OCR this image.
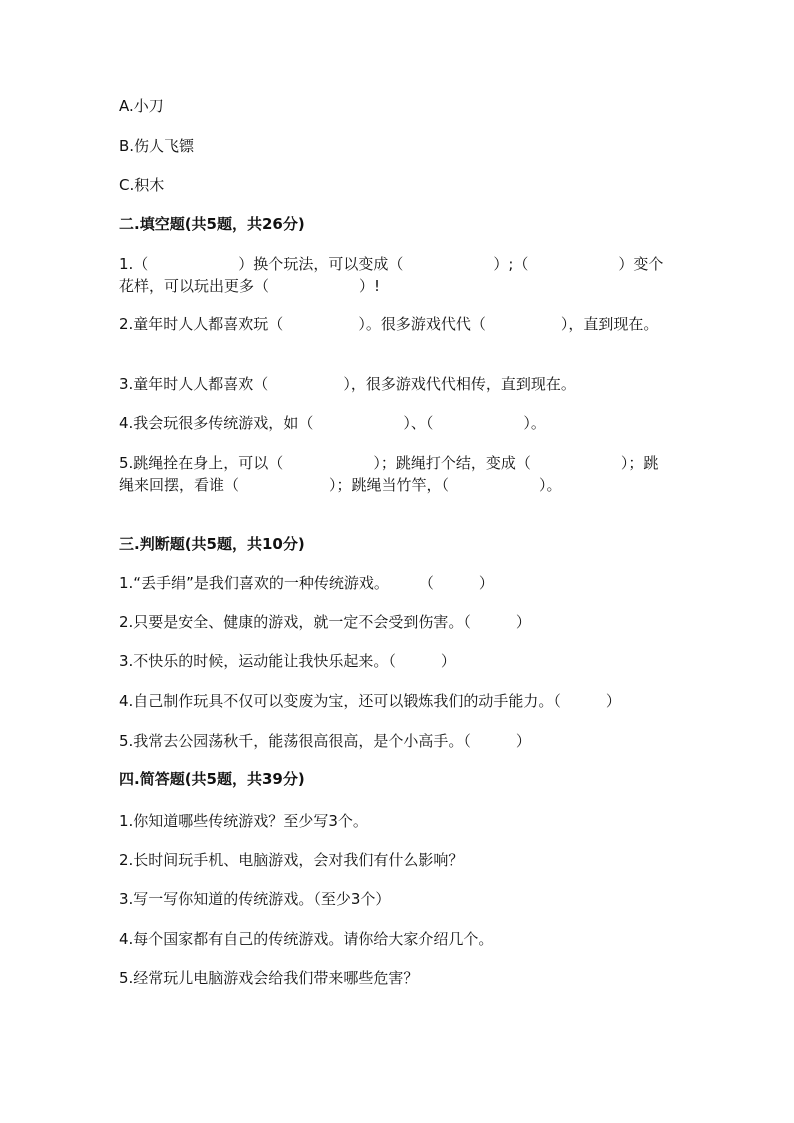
A.小刀
B.伤人飞镖
C.积木
二.填空题(共5题，共26分)
1.（　　　　　　）换个玩法，可以变成（　　　　　　）;（　　　　　　）变个花样，可以玩出更多（　　　　　　）!
2.童年时人人都喜欢玩（　　　　　）。很多游戏代代（　　　　　），直到现在。
3.童年时人人都喜欢（　　　　　），很多游戏代代相传，直到现在。
4.我会玩很多传统游戏，如（　　　　　　）、（　　　　　　）。
5.跳绳拴在身上，可以（　　　　　　）；跳绳打个结，变成（　　　　　　）；跳绳来回摆，看谁（　　　　　　）；跳绳当竹竿，（　　　　　　）。
三.判断题(共5题，共10分)
1.“丢手绢”是我们喜欢的一种传统游戏。　　　（　　　）
2.只要是安全、健康的游戏，就一定不会受到伤害。（　　　）
3.不快乐的时候，运动能让我快乐起来。（　　　）
4.自己制作玩具不仅可以变废为宝，还可以锻炼我们的动手能力。（　　　）
5.我常去公园荡秋千，能荡很高很高，是个小高手。（　　　）
四.简答题(共5题，共39分)
1.你知道哪些传统游戏？至少写3个。
2.长时间玩手机、电脑游戏，会对我们有什么影响？
3.写一写你知道的传统游戏。（至少3个）
4.每个国家都有自己的传统游戏。请你给大家介绍几个。
5.经常玩儿电脑游戏会给我们带来哪些危害？
